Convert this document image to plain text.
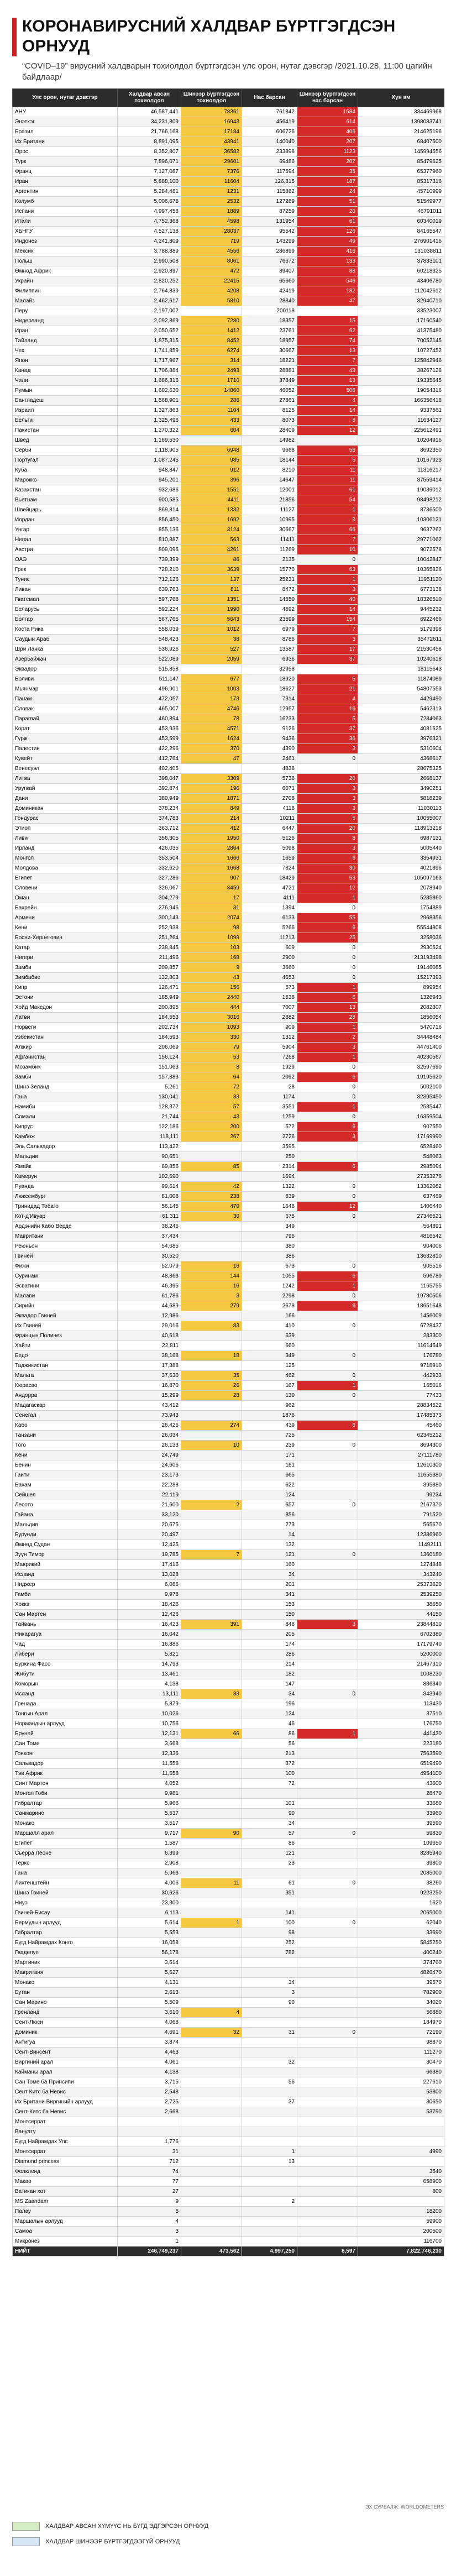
КОРОНАВИРУСНИЙ ХАЛДВАР БҮРТГЭГДСЭН ОРНУУД
“COVID–19” вирусний халдварын тохиолдол бүртгэгдсэн улс орон, нутаг дэвсгэр /2021.10.28, 11:00 цагийн байдлаар/
Улс орон, нутаг дэвсгэр	Халдвар авсан тохиолдол	Шинээр бүртгэгдсэн тохиолдол	Нас барсан	Шинээр бүртгэгдсэн нас барсан	Хүн ам
АНУ	46,587,441	78361	761842	1584	334469968
Энэтхэг	34,231,809	16943	456419	614	1398083741
Бразил	21,766,168	17184	606726	406	214625196
Их Британи	8,891,095	43941	140040	207	68407500
Орос	8,352,807	36582	233898	1123	145994556
Турк	7,896,071	29601	69486	207	85479625
Франц	7,127,087	7376	117594	35	65377960
Иран	5,888,100	11604	126,815	187	85317316
Аргентин	5,284,481	1231	115862	24	45710999
Колумб	5,006,675	2532	127289	51	51549977
Испани	4,997,458	1889	87259	20	46791011
Итали	4,752,368	4598	131954	61	60340019
ХБНГУ	4,527,138	28037	95542	126	84165547
Индонез	4,241,809	719	143299	49	276901416
Мексик	3,788,889	4556	286899	416	131038811
Польш	2,990,508	8061	76672	133	37833101
Өмнөд Африк	2,920,897	472	89407	88	60218325
Украйн	2,820,252	22415	65660	546	43406780
Филиппин	2,764,839	4208	42419	182	112042612
Малайз	2,462,617	5810	28840	47	32940710
Перу	2,197,002		200118		33523007
Нидерланд	2,092,869	7280	18357	15	17160540
Иран	2,050,652	1412	23761	62	41375480
Тайланд	1,875,315	8452	18957	74	70052145
Чех	1,741,859	6274	30667	13	10727452
Япон	1,717,967	314	18221	7	125842946
Канад	1,706,884	2493	28881	43	38267128
Чили	1,686,316	1710	37849	13	19335645
Румын	1,602,630	14860	46052	506	19054316
Бангладеш	1,568,901	286	27861	4	166356418
Израил	1,327,863	1104	8125	14	9337561
Бельги	1,325,496	433	8073	8	11634127
Пакистан	1,270,322	604	28409	12	225612491
Швед	1,169,530		14982		10204916
Серби	1,118,905	6948	9668	56	8692350
Португал	1,087,245	985	18144	5	10167923
Куба	948,847	912	8210	11	11316217
Марокко	945,201	396	14647	11	37559414
Казахстан	932,686	1551	12001	61	19039012
Вьетнам	900,585	4411	21856	54	98498212
Швейцарь	869,814	1332	11127	1	8736500
Иордан	856,450	1692	10995	9	10306121
Унгар	855,136	3124	30667	66	9637262
Непал	810,887	563	11411	7	29771062
Австри	809,095	4261	11269	10	9072578
ОАЭ	739,399	86	2135	0	10042847
Грек	728,210	3639	15770	63	10365826
Тунис	712,126	137	25231	1	11951120
Ливан	639,763	811	8472	3	6773138
Гватемал	597,768	1351	14550	40	18326510
Беларусь	592,224	1990	4592	14	9445232
Болгар	567,765	5643	23599	154	6922466
Коста Рика	558,039	1012	6979	7	5179398
Саудын Араб	548,423	38	8786	3	35472611
Шри Ланка	536,926	527	13587	17	21530458
Азербайжан	522,089	2059	6936	37	10240618
Эквадор	515,858		32958		18115643
Боливи	511,147	677	18920	5	11874089
Мьянмар	496,901	1003	18627	21	54807553
Панам	472,057	173	7314	4	4429490
Словак	465,007	4746	12957	16	5462313
Парагвай	460,894	78	16233	5	7284063
Корат	453,936	4571	9126	37	4081625
Гүрж	453,599	1624	9436	36	3976321
Палестин	422,296	370	4390	3	5310604
Кувейт	412,764	47	2461	0	4368617
Венесуэл	402,405		4838		28675325
Литва	398,047	3309	5736	20	2668137
Уругвай	392,874	196	6071	3	3490251
Дани	380,949	1871	2708	3	5818239
Доминикан	378,234	849	4118	3	11030113
Гондурас	374,783	214	10211	5	10055007
Этиоп	363,712	412	6447	20	118913218
Ливи	356,305	1950	5126	8	6987131
Ирланд	426,035	2864	5098	3	5005440
Монгол	353,504	1666	1659	6	3354931
Молдова	332,620	1668	7824	30	4021896
Египет	327,286	907	18429	53	105097163
Словени	326,067	3459	4721	12	2078940
Оман	304,279	17	4111	1	5285860
Бахрейн	276,946	31	1394	0	1754889
Армени	300,143	2074	6133	55	2968356
Кени	252,938	98	5266	6	55544808
Босни-Херцеговин	251,264	1099	11213	25	3258036
Катар	238,845	103	609	0	2930524
Нигери	211,496	168	2900	0	213193498
Замби	209,857	9	3660	0	19146085
Зимбабве	132,803	43	4653	0	15217393
Кипр	126,471	156	573	1	899954
Эстони	185,949	2440	1538	6	1326943
Хойд Македон	200,895	444	7007	13	2082307
Латви	184,553	3016	2882	28	1856054
Норвеги	202,734	1093	909	1	5470716
Узбекистан	184,593	330	1312	2	34448484
Алжир	206,069	79	5904	3	44761400
Афганистан	156,124	53	7268	1	40230567
Мозамбик	151,063	8	1929	0	32597690
Замби	157,883	64	2092	6	19195620
Шинэ Зеланд	5,261	72	28	0	5002100
Гана	130,041	33	1174	0	32395450
Намиби	128,372	57	3551	1	2585447
Сомали	21,744	43	1259	0	16359504
Кипрус	122,186	200	572	6	907550
Камбож	118,111	267	2726	3	17169990
Эль Сальвадор	113,422		3595		6528460
Мальдив	90,651		250		548063
Ямайк	89,856	85	2314	6	2985094
Камерун	102,690		1694		27353276
Руанда	99,614	42	1322	0	13362082
Люксембург	81,008	238	839	0	637469
Тринидад Тобаго	56,145	470	1648	12	1406440
Кот-д'Ивуар	61,311	30	675	0	27346521
Ардэнийн Кабо Верде	38,246		349		564891
Мавритани	37,434		796		4816542
Реюньон	54,685		380		904006
Гвиней	30,520		386		13632810
Фижи	52,079	16	673	0	905516
Суринам	48,863	144	1055	6	596789
Эсватини	46,395	16	1242	1	1165755
Малави	61,786	3	2298	0	19780506
Сирийн	44,689	279	2678	6	18651648
Эквадор Гвиней	12,986		166		1456009
Их Гвиней	29,016	83	410	0	6728437
Францын Полинез	40,618		639		283300
Хайти	22,811		660		11614549
Бедо	38,168	18	349	0	176780
Таджикистан	17,388		125		9718910
Мальта	37,630	35	462	0	442933
Кюрасао	16,870	26	167	1	165016
Андорра	15,299	28	130	0	77433
Мадагаскар	43,412		962		28834522
Сенегал	73,943		1876		17485373
Кабо	26,426	274	439	6	45460
Танзани	26,034		725		62345212
Того	26,133	10	239	0	8694300
Кени	24,749		171		27111780
Бенин	24,606		161		12610300
Гаити	23,173		665		11655380
Бахам	22,288		622		395880
Сейшел	22,119		124		99234
Лесото	21,600	2	657	0	2167370
Гайана	33,120		856		791520
Мальдив	20,675		273		565670
Бурунди	20,497		14		12386960
Өмнөд Судан	12,425		132		11492111
Зүүн Тимор	19,785	7	121	0	1360180
Маврикий	17,416		160		1274848
Исланд	13,028		34		343240
Ниджер	6,086		201		25373620
Гамби	9,978		341		2539250
Хоккэ	18,426		153		38650
Сан Мартен	12,426		150		44150
Тайвань	16,423	391	848	3	23844810
Никарагуа	16,042		205		6702380
Чад	16,886		174		17179740
Либери	5,821		286		5200000
Буркина Фасо	14,793		214		21467310
Жибути	13,461		182		1008230
Коморын	4,138		147		886340
Исланд	13,111	33	34	0	343940
Гренада	5,879		196		113430
Тонгын Арал	10,026		124		37510
Нормандын арлууд	10,756		46		176750
Бруней	12,131	66	86	1	441430
Сан Томе	3,668		56		223180
Гонконг	12,336		213		7563590
Сальвадор	11,558		372		6519490
Тэв Африк	11,658		100		4954100
Синт Мартен	4,052		72		43600
Монгол Гоби	9,981				28470
Гибралтар	5,966		101		33680
Санмарино	5,537		90		33960
Монако	3,517		34		39590
Маршалл арал	9,717	90	57	0	59830
Египет	1,587		86		109650
Сьерра Леоне	6,399		121		8285940
Теркс	2,908		23		39800
Гана	5,963				2085000
Лихтенштейн	4,006	11	61	0	38260
Шинэ Гвиней	30,626		351		9223250
Ниуэ	23,300				1620
Гвиней-Бисау	6,113		141		2065000
Бермудын арлууд	5,614	1	100	0	62040
Гибралтар	5,553		98		33690
Бүгд Найрамдах Конго	16,058		252		5845250
Гваделуп	56,178		782		400240
Мартиник	3,614				374760
Мавританя	5,627				4826470
Монако	4,131		34		39570
Бутан	2,613		3		782900
Сан Марино	5,509		90		34020
Гренланд	3,610	4			56880
Сент-Люси	4,068				184970
Доминик	4,691	32	31	0	72190
Антигуа	3,874				98870
Сент-Винсент	4,463				111270
Виргиний арал	4,061		32		30470
Кайманы арал	4,138				66380
Сан Томе ба Принсипи	3,715		56		227610
Сент Китс ба Невис	2,548				53800
Их Британи Виргинийн арлууд	2,725		37		30650
Сент-Китс ба Невис	2,668				53790
Монтсеррат					
Вануату					
Бүгд Найрамдах Улс	1,776				
Монтсеррат	31		1		4990
Diamond princess	712		13		
Фолкленд	74				3540
Макао	77				658900
Ватикан хот	27				800
MS Zaandam	9		2		
Палау	5				18200
Маршалын арлууд	4				59900
Самоа	3				200500
Микронез	1				116700
НИЙТ	246,749,237	473,562	4,997,250	8,597	7,822,746,230
ЭХ СУРВАЛЖ: WORLDOMETERS
ХАЛДВАР АВСАН ХҮМҮҮС НЬ БҮГД ЭДГЭРСЭН ОРНУУД
ХАЛДВАР ШИНЭЭР БҮРТГЭГДЭЭГҮЙ ОРНУУД
